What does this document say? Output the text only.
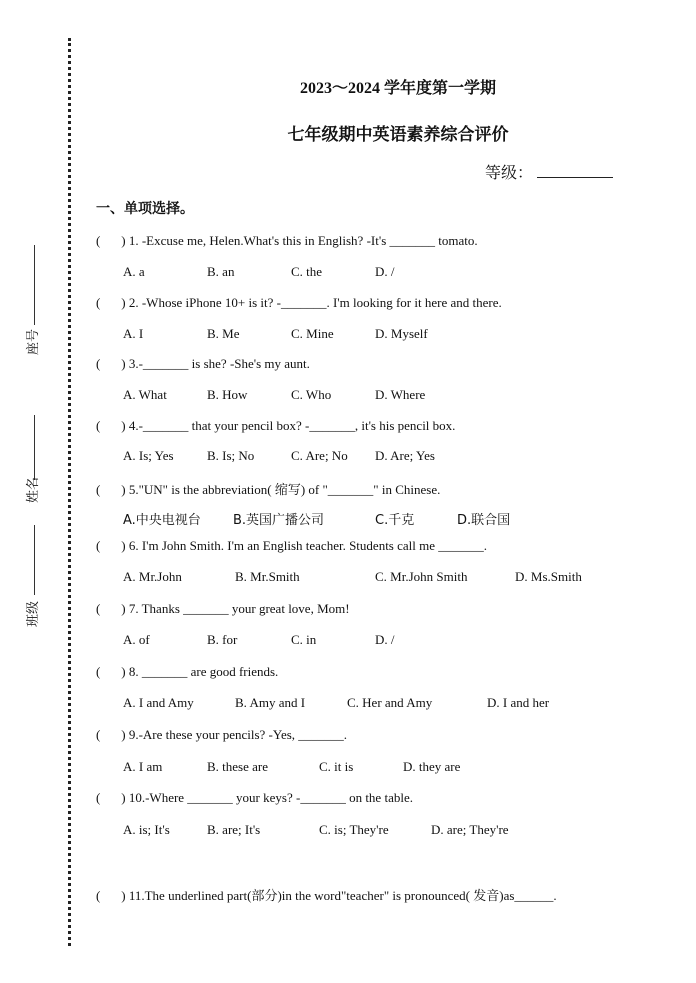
座号
姓名
班级
2023～2024 学年度第一学期
七年级期中英语素养综合评价
等级：
一、单项选择。
( ) 1. -Excuse me, Helen.What's this in English? -It's _______ tomato.
A. a	B. an	C. the	D. /
( ) 2. -Whose iPhone 10+ is it? -_______. I'm looking for it here and there.
A. I	B. Me	C. Mine	D. Myself
( ) 3.-_______ is she? -She's my aunt.
A. What	B. How	C. Who	D. Where
( ) 4.-_______ that your pencil box? -_______, it's his pencil box.
A. Is; Yes	B. Is; No	C. Are; No D. Are; Yes
( ) 5."UN" is the abbreviation( 缩写) of "_______" in Chinese.
A.中央电视台 B.英国广播公司	C.千克	D.联合国
( ) 6. I'm John Smith. I'm an English teacher. Students call me _______.
A. Mr.John	B. Mr.Smith	C. Mr.John Smith	D. Ms.Smith
( ) 7. Thanks _______ your great love, Mom!
A. of	B. for	C. in	D. /
( ) 8. _______ are good friends.
A. I and Amy	B. Amy and I	C. Her and Amy	D. I and her
( ) 9.-Are these your pencils? -Yes, _______.
A. I am	B. these are	C. it is	D. they are
( ) 10.-Where _______ your keys? -_______ on the table.
A. is; It's	B. are; It's	C. is; They're	D. are; They're
( ) 11.The underlined part(部分)in the word"teacher" is pronounced( 发音)as______.
